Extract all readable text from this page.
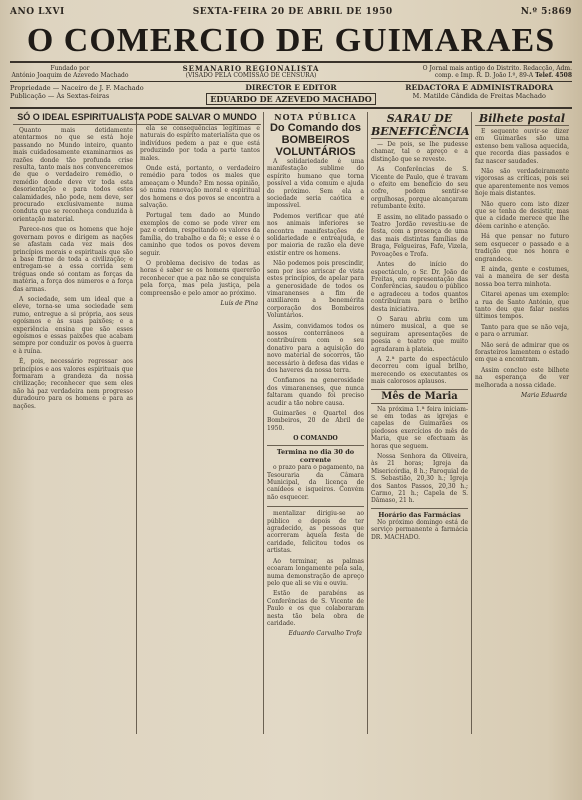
ANO LXVI	SEXTA-FEIRA 20 DE ABRIL DE 1950	N.º 5:869
O COMERCIO DE GUIMARAES
Fundado por
António Joaquim de Azevedo Machado
SEMANARIO REGIONALISTA
(VISADO PELA COMISSÃO DE CENSURA)
O Jornal mais antigo do Distrito. Redacção, Adm.
comp. e Imp. R. D. João I.º, 89-A Telef. 4508
Propriedade — Naceiro de J. F. Machado
Publicação — Às Sextas-feiras
DIRECTOR E EDITOR
EDUARDO DE AZEVEDO MACHADO
REDACTORA E ADMINISTRADORA
M. Matilde Cândida de Freitas Machado
SÓ O IDEAL ESPIRITUALISTA PODE SALVAR O MUNDO

Quanto mais detidamente atentarmos no que se está hoje passando no Mundo inteiro, quanto mais cuidadosamente examinarmos as razões donde tão profunda crise resulta, tanto mais nos convenceremos de que o verdadeiro remédio, o remédio donde deve vir toda esta desorientação e para todos estes calamidades, não pode, nem deve, ser procurado exclusivamente numa conduta que se reconheça conduzida à orientação material.

Parece-nos que os homens que hoje governam povos e dirigem as nações se afastam cada vez mais dos princípios morais e espirituais que são a base firme de toda a civilização; e entregam-se a essa corrida sem tréguas onde só contam as forças da matéria, a força dos números e a força das armas.

A sociedade, sem um ideal que a eleve, torna-se uma sociedade sem rumo, entregue a si própria, aos seus egoísmos e às suas paixões; e a experiência ensina que são esses egoísmos e essas paixões que acabam sempre por conduzir os povos à guerra e à ruína.

É, pois, necessário regressar aos princípios e aos valores espirituais que formaram a grandeza da nossa civilização; reconhecer que sem eles não há paz verdadeira nem progresso duradouro para os homens e para as nações.

ela se consequências legítimas e naturais do espírito materialista que os indivíduos pedem a paz e que está produzindo por toda a parte tantos males.

Onde está, portanto, o verdadeiro remédio para todos os males que ameaçam o Mundo? Em nossa opinião, só numa renovação moral e espiritual dos homens e dos povos se encontra a salvação.

Portugal tem dado ao Mundo exemplos de como se pode viver em paz e ordem, respeitando os valores da família, do trabalho e da fé; e esse é o caminho que todos os povos devem seguir.

O problema decisivo de todas as horas é saber se os homens quererão reconhecer que a paz não se conquista pela força, mas pela justiça, pela compreensão e pelo amor ao próximo.

Luís de Pina
NOTA PÚBLICA
Do Comando dos BOMBEIROS VOLUNTÁRIOS

A solidariedade é uma manifestação sublime do espírito humano que torna possível a vida comum e ajuda do próximo. Sem ela a sociedade seria caótica e impossível.

Podemos verificar que até nos animais inferiores se encontra manifestações de solidariedade e entreajuda, e por maioria de razão ela deve existir entre os homens.

Não podemos pois prescindir, sem por isso arriscar de vista estes princípios, de apelar para a generosidade de todos os vimaranenses a fim de auxiliarem a benemérita corporação dos Bombeiros Voluntários.

Assim, convidamos todos os nossos conterrâneos a contribuírem com o seu donativo para a aquisição do novo material de socorros, tão necessário à defesa das vidas e dos haveres da nossa terra.

Confiamos na generosidade dos vimaranenses, que nunca faltaram quando foi preciso acudir a tão nobre causa.

Guimarães e Quartel dos Bombeiros, 20 de Abril de 1950.

O COMANDO
Termina no dia 30 do corrente

o prazo para o pagamento, na Tesouraria da Câmara Municipal, da licença de canídeos e isqueiros. Convém não esquecer.

mentalizar dirigiu-se ao público e depois de ter agradecido, as pessoas que acorreram àquela festa de caridade, felicitou todos os artistas.

Ao terminar, as palmas ecoaram longamente pela sala, numa demonstração de apreço pelo que ali se viu e ouviu.

Estão de parabéns as Conferências de S. Vicente de Paulo e os que colaboraram nesta tão bela obra de caridade.

Eduardo Carvalho Trofa
SARAU DE BENEFICÊNCIA

— De pois, se lhe pudesse chamar, tal o apreço e a distinção que se reveste.

As Conferências de S. Vicente de Paulo, que é travam o efeito em benefício do seu cofre, podem sentir-se orgulhosas, porque alcançaram retumbante êxito.

E assim, no elitado passado o Teatro Jordão revestiu-se de festa, com a presença de uma das mais distintas famílias de Braga, Felgueiras, Fafe, Vizela, Povoações e Trofa.

Antes do início do espectáculo, o Sr. Dr. João de Freitas, em representação das Conferências, saudou o público e agradeceu a todos quantos contribuíram para o brilho desta iniciativa.

O Sarau abriu com um número musical, a que se seguiram apresentações de poesia e teatro que muito agradaram à plateia.

A 2.ª parte do espectáculo decorreu com igual brilho, merecendo os executantes os mais calorosos aplausos.

Mês de Maria

Na próxima 1.ª feira iniciam-se em todas as igrejas e capelas de Guimarães os piedosos exercícios do mês de Maria, que se efectuam às horas que seguem.

Nossa Senhora da Oliveira, às 21 horas; Igreja da Misericórdia, 8 h.; Paroquial de S. Sebastião, 20,30 h.; Igreja dos Santos Passos, 20,30 h.; Carmo, 21 h.; Capela de S. Dâmaso, 21 h.

Horário das Farmácias

No próximo domingo está de serviço permanente a farmácia DR. MACHADO.

Bilhete postal

E sequente ouvir-se dizer em Guimarães são uma extenso bem valiosa aquecida, que recorda dias passados e faz nascer saudades.

Não são verdadeiramente vigorosas as críticas, pois sei que aparentemente nos vemos hoje mais distantes.

Não quero com isto dizer que se tenha de desistir, mas que a cidade merece que lhe dêem carinho e atenção.

Há que pensar no futuro sem esquecer o passado e a tradição que nos honra e engrandece.

E ainda, gente e costumes, vai a maneira de ser desta nossa boa terra minhota.

Citarei apenas um exemplo: a rua de Santo António, que tanto deu que falar nestes últimos tempos.

Tanto para que se não veja, e para o arrumar.

Não será de admirar que os forasteiros lamentem o estado em que a encontram.

Assim concluo este bilhete na esperança de ver melhorada a nossa cidade.

Maria Eduarda
